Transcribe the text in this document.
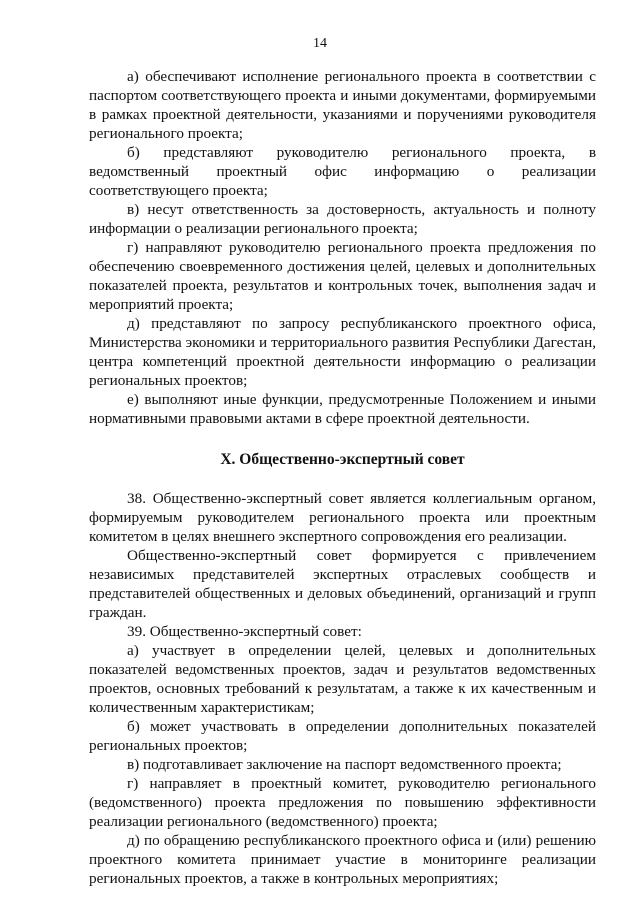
14

а) обеспечивают исполнение регионального проекта в соответствии с паспортом соответствующего проекта и иными документами, формируемыми в рамках проектной деятельности, указаниями и поручениями руководителя регионального проекта;

б) представляют руководителю регионального проекта, в ведомственный проектный офис информацию о реализации соответствующего проекта;

в) несут ответственность за достоверность, актуальность и полноту информации о реализации регионального проекта;

г) направляют руководителю регионального проекта предложения по обеспечению своевременного достижения целей, целевых и дополнительных показателей проекта, результатов и контрольных точек, выполнения задач и мероприятий проекта;

д) представляют по запросу республиканского проектного офиса, Министерства экономики и территориального развития Республики Дагестан, центра компетенций проектной деятельности информацию о реализации региональных проектов;

е) выполняют иные функции, предусмотренные Положением и иными нормативными правовыми актами в сфере проектной деятельности.

X. Общественно-экспертный совет

38. Общественно-экспертный совет является коллегиальным органом, формируемым руководителем регионального проекта или проектным комитетом в целях внешнего экспертного сопровождения его реализации.

Общественно-экспертный совет формируется с привлечением независимых представителей экспертных отраслевых сообществ и представителей общественных и деловых объединений, организаций и групп граждан.

39. Общественно-экспертный совет:

а) участвует в определении целей, целевых и дополнительных показателей ведомственных проектов, задач и результатов ведомственных проектов, основных требований к результатам, а также к их качественным и количественным характеристикам;

б) может участвовать в определении дополнительных показателей региональных проектов;

в) подготавливает заключение на паспорт ведомственного проекта;

г) направляет в проектный комитет, руководителю регионального (ведомственного) проекта предложения по повышению эффективности реализации регионального (ведомственного) проекта;

д) по обращению республиканского проектного офиса и (или) решению проектного комитета принимает участие в мониторинге реализации региональных проектов, а также в контрольных мероприятиях;
